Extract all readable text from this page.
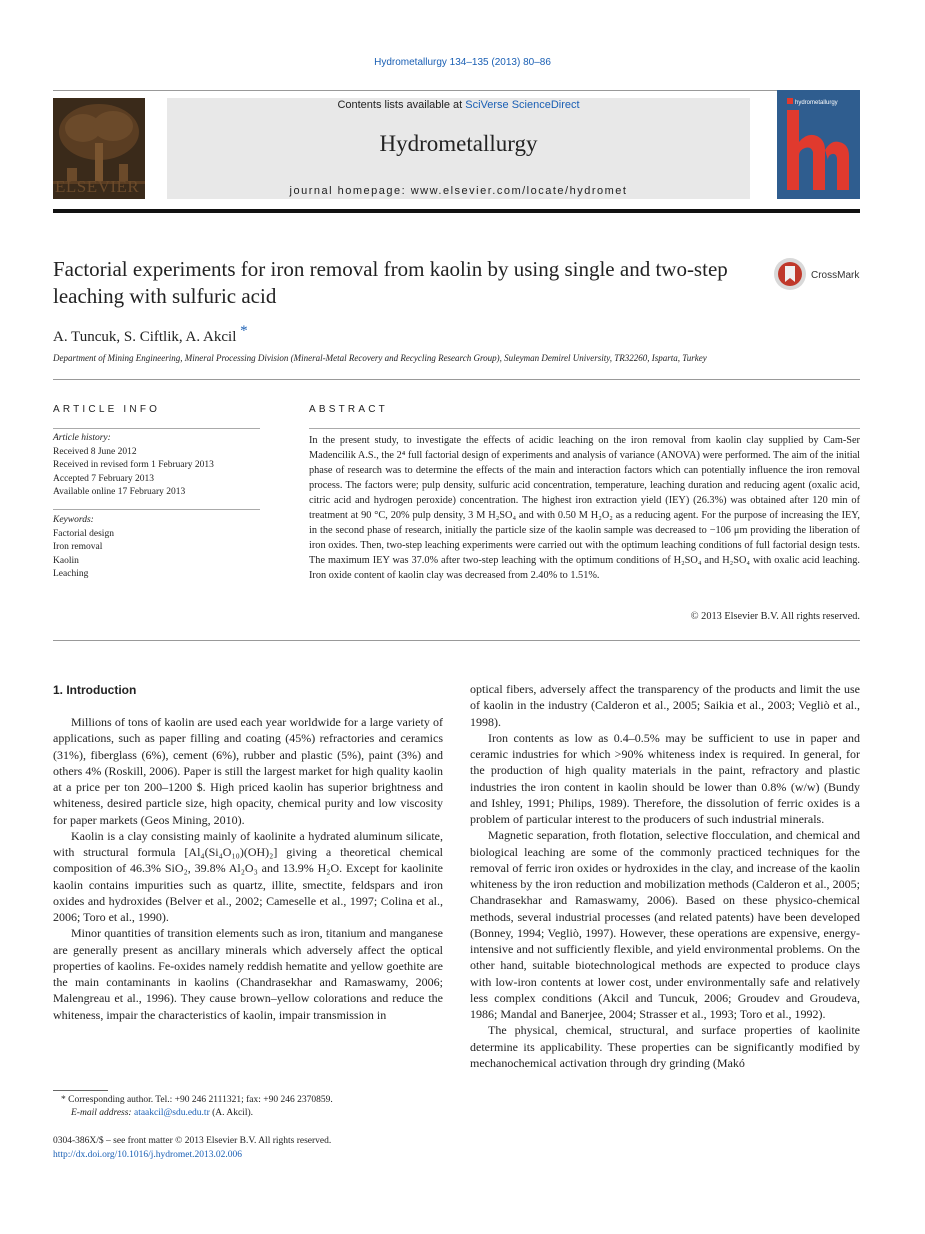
Hydrometallurgy 134–135 (2013) 80–86
ELSEVIER
Contents lists available at SciVerse ScienceDirect
Hydrometallurgy
journal homepage: www.elsevier.com/locate/hydromet
hydrometallurgy
Factorial experiments for iron removal from kaolin by using single and two-step leaching with sulfuric acid
CrossMark
A. Tuncuk, S. Ciftlik, A. Akcil *
Department of Mining Engineering, Mineral Processing Division (Mineral-Metal Recovery and Recycling Research Group), Suleyman Demirel University, TR32260, Isparta, Turkey
ARTICLE INFO
Article history:
Received 8 June 2012
Received in revised form 1 February 2013
Accepted 7 February 2013
Available online 17 February 2013
Keywords:
Factorial design
Iron removal
Kaolin
Leaching
ABSTRACT
In the present study, to investigate the effects of acidic leaching on the iron removal from kaolin clay supplied by Cam-Ser Madencilik A.S., the 2⁴ full factorial design of experiments and analysis of variance (ANOVA) were performed. The aim of the initial phase of research was to determine the effects of the main and interaction factors which can potentially influence the iron removal process. The factors were; pulp density, sulfuric acid concentration, temperature, leaching duration and reducing agent (oxalic acid, citric acid and hydrogen peroxide) concentration. The highest iron extraction yield (IEY) (26.3%) was obtained after 120 min of treatment at 90 °C, 20% pulp density, 3 M H₂SO₄ and with 0.50 M H₂O₂ as a reducing agent. For the purpose of increasing the IEY, in the second phase of research, initially the particle size of the kaolin sample was decreased to −106 μm providing the liberation of iron oxides. Then, two-step leaching experiments were carried out with the optimum leaching conditions of full factorial design tests. The maximum IEY was 37.0% after two-step leaching with the optimum conditions of H₂SO₄ and H₂SO₄ with oxalic acid leaching. Iron oxide content of kaolin clay was decreased from 2.40% to 1.51%.
© 2013 Elsevier B.V. All rights reserved.
1. Introduction

Millions of tons of kaolin are used each year worldwide for a large variety of applications, such as paper filling and coating (45%) refractories and ceramics (31%), fiberglass (6%), cement (6%), rubber and plastic (5%), paint (3%) and others 4% (Roskill, 2006). Paper is still the largest market for high quality kaolin at a price per ton 200–1200 $. High priced kaolin has superior brightness and whiteness, desired particle size, high opacity, chemical purity and low viscosity for paper markets (Geos Mining, 2010).

Kaolin is a clay consisting mainly of kaolinite a hydrated aluminum silicate, with structural formula [Al₄(Si₄O₁₀)(OH)₂] giving a theoretical chemical composition of 46.3% SiO₂, 39.8% Al₂O₃ and 13.9% H₂O. Except for kaolinite kaolin contains impurities such as quartz, illite, smectite, feldspars and iron oxides and hydroxides (Belver et al., 2002; Cameselle et al., 1997; Colina et al., 2006; Toro et al., 1990).

Minor quantities of transition elements such as iron, titanium and manganese are generally present as ancillary minerals which adversely affect the optical properties of kaolins. Fe-oxides namely reddish hematite and yellow goethite are the main contaminants in kaolins (Chandrasekhar and Ramaswamy, 2006; Malengreau et al., 1996). They cause brown–yellow colorations and reduce the whiteness, impair the characteristics of kaolin, impair transmission in

optical fibers, adversely affect the transparency of the products and limit the use of kaolin in the industry (Calderon et al., 2005; Saikia et al., 2003; Vegliò et al., 1998).

Iron contents as low as 0.4–0.5% may be sufficient to use in paper and ceramic industries for which >90% whiteness index is required. In general, for the production of high quality materials in the paint, refractory and plastic industries the iron content in kaolin should be lower than 0.8% (w/w) (Bundy and Ishley, 1991; Philips, 1989). Therefore, the dissolution of ferric oxides is a problem of particular interest to the producers of such industrial minerals.

Magnetic separation, froth flotation, selective flocculation, and chemical and biological leaching are some of the commonly practiced techniques for the removal of ferric iron oxides or hydroxides in the clay, and increase of the kaolin whiteness by the iron reduction and mobilization methods (Calderon et al., 2005; Chandrasekhar and Ramaswamy, 2006). Based on these physico-chemical methods, several industrial processes (and related patents) have been developed (Bonney, 1994; Vegliò, 1997). However, these operations are expensive, energy-intensive and not sufficiently flexible, and yield environmental problems. On the other hand, suitable biotechnological methods are expected to produce clays with low-iron contents at lower cost, under environmentally safe and relatively less complex conditions (Akcil and Tuncuk, 2006; Groudev and Groudeva, 1986; Mandal and Banerjee, 2004; Strasser et al., 1993; Toro et al., 1992).

The physical, chemical, structural, and surface properties of kaolinite determine its applicability. These properties can be significantly modified by mechanochemical activation through dry grinding (Makó

* Corresponding author. Tel.: +90 246 2111321; fax: +90 246 2370859.
E-mail address: ataakcil@sdu.edu.tr (A. Akcil).
0304-386X/$ – see front matter © 2013 Elsevier B.V. All rights reserved.
http://dx.doi.org/10.1016/j.hydromet.2013.02.006
